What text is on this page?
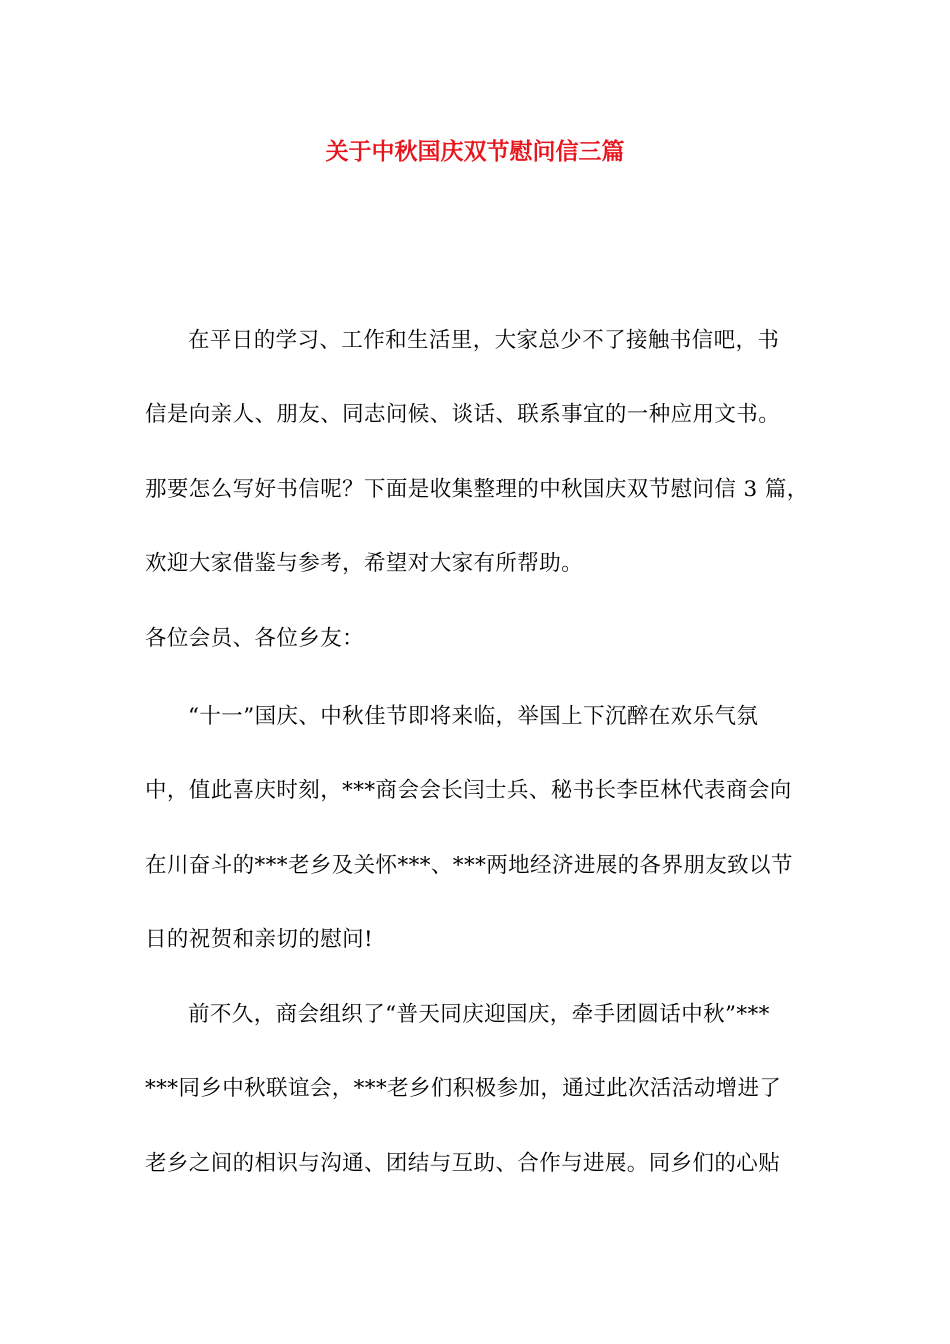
关于中秋国庆双节慰问信三篇
在平日的学习、工作和生活里，大家总少不了接触书信吧，书
信是向亲人、朋友、同志问候、谈话、联系事宜的一种应用文书。
那要怎么写好书信呢？下面是收集整理的中秋国庆双节慰问信 3 篇，
欢迎大家借鉴与参考，希望对大家有所帮助。
各位会员、各位乡友：
“十一”国庆、中秋佳节即将来临，举国上下沉醉在欢乐气氛
中，值此喜庆时刻，***商会会长闫士兵、秘书长李臣林代表商会向
在川奋斗的***老乡及关怀***、***两地经济进展的各界朋友致以节
日的祝贺和亲切的慰问!
前不久，商会组织了“普天同庆迎国庆，牵手团圆话中秋”***
***同乡中秋联谊会，***老乡们积极参加，通过此次活活动增进了
老乡之间的相识与沟通、团结与互助、合作与进展。同乡们的心贴
